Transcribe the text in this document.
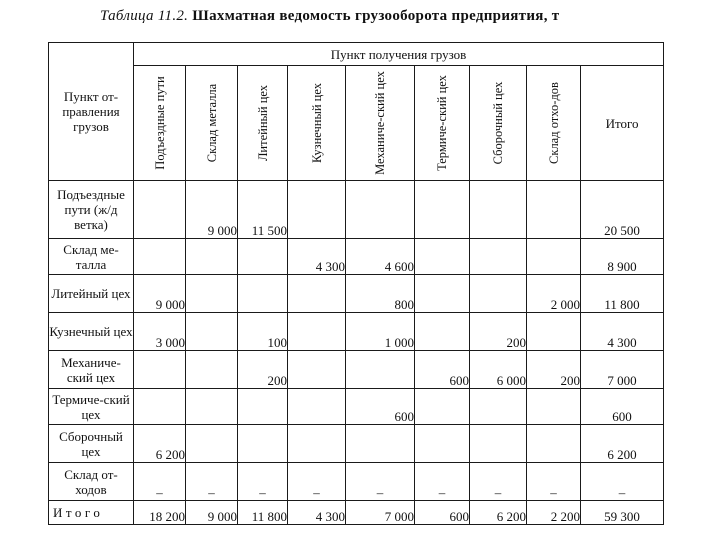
Таблица 11.2. Шахматная ведомость грузооборота предприятия, т
Пункт от-правления грузов	Пункт получения грузов								

	Подъездные пути	Склад металла	Литейный цех	Кузнечный цех	Механиче-ский цех	Термиче-ский цех	Сборочный цех	Склад отхо-дов	Итого
Подъездные пути (ж/д ветка)		9 000	11 500						20 500
Склад ме-талла				4 300	4 600				8 900
Литейный цех	9 000				800			2 000	11 800
Кузнечный цех	3 000		100		1 000		200		4 300
Механиче-ский цех			200			600	6 000	200	7 000
Термиче-ский цех					600				600
Сборочный цех	6 200								6 200
Склад от-ходов	–	–	–	–	–	–	–	–	–
Итого	18 200	9 000	11 800	4 300	7 000	600	6 200	2 200	59 300
